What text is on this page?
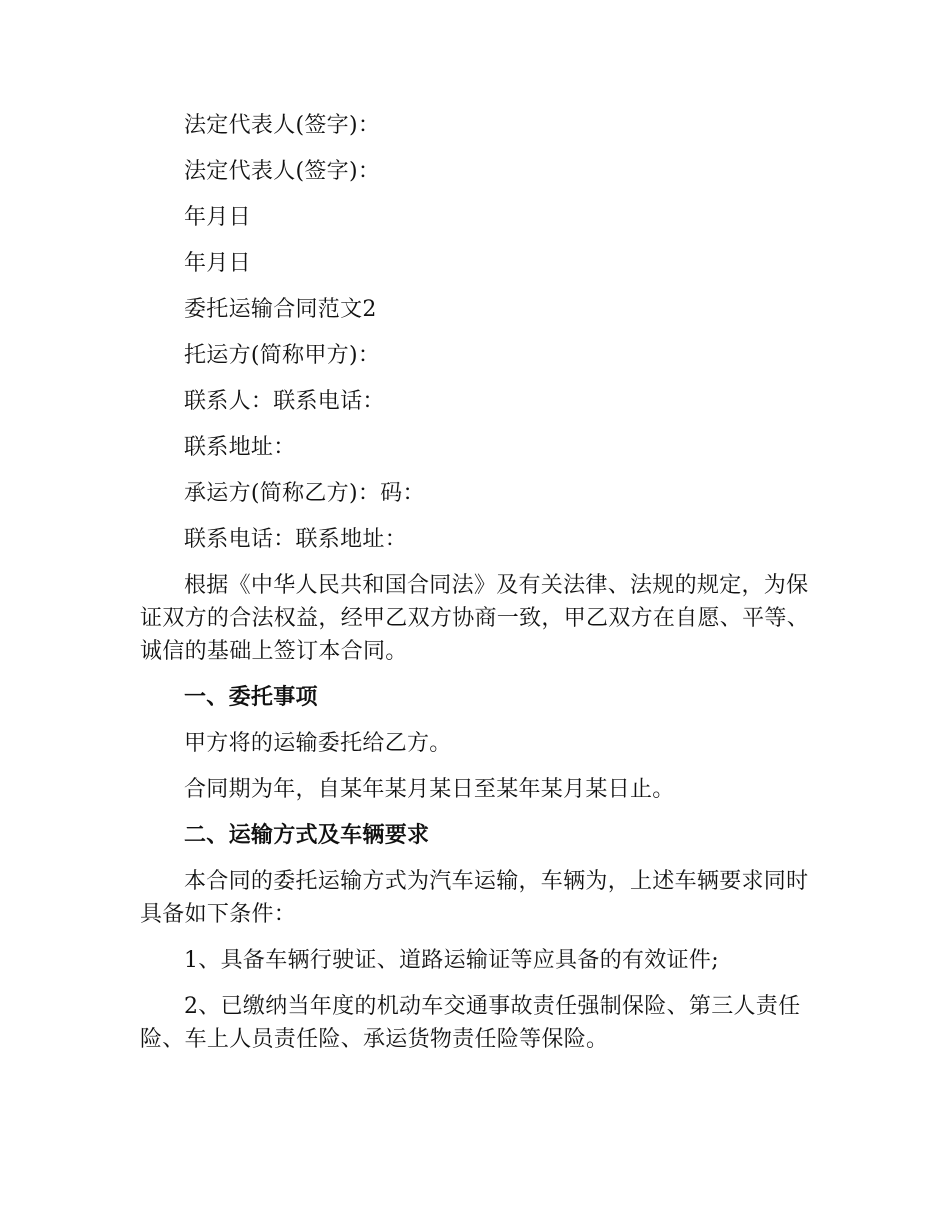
法定代表人(签字)：

法定代表人(签字)：

年月日

年月日

委托运输合同范文2

托运方(简称甲方)：

联系人：联系电话：

联系地址：

承运方(简称乙方)：码：

联系电话：联系地址：

根据《中华人民共和国合同法》及有关法律、法规的规定，为保证双方的合法权益，经甲乙双方协商一致，甲乙双方在自愿、平等、诚信的基础上签订本合同。

一、委托事项

甲方将的运输委托给乙方。

合同期为年，自某年某月某日至某年某月某日止。

二、运输方式及车辆要求

本合同的委托运输方式为汽车运输，车辆为，上述车辆要求同时具备如下条件：

1、具备车辆行驶证、道路运输证等应具备的有效证件;

2、已缴纳当年度的机动车交通事故责任强制保险、第三人责任险、车上人员责任险、承运货物责任险等保险。
